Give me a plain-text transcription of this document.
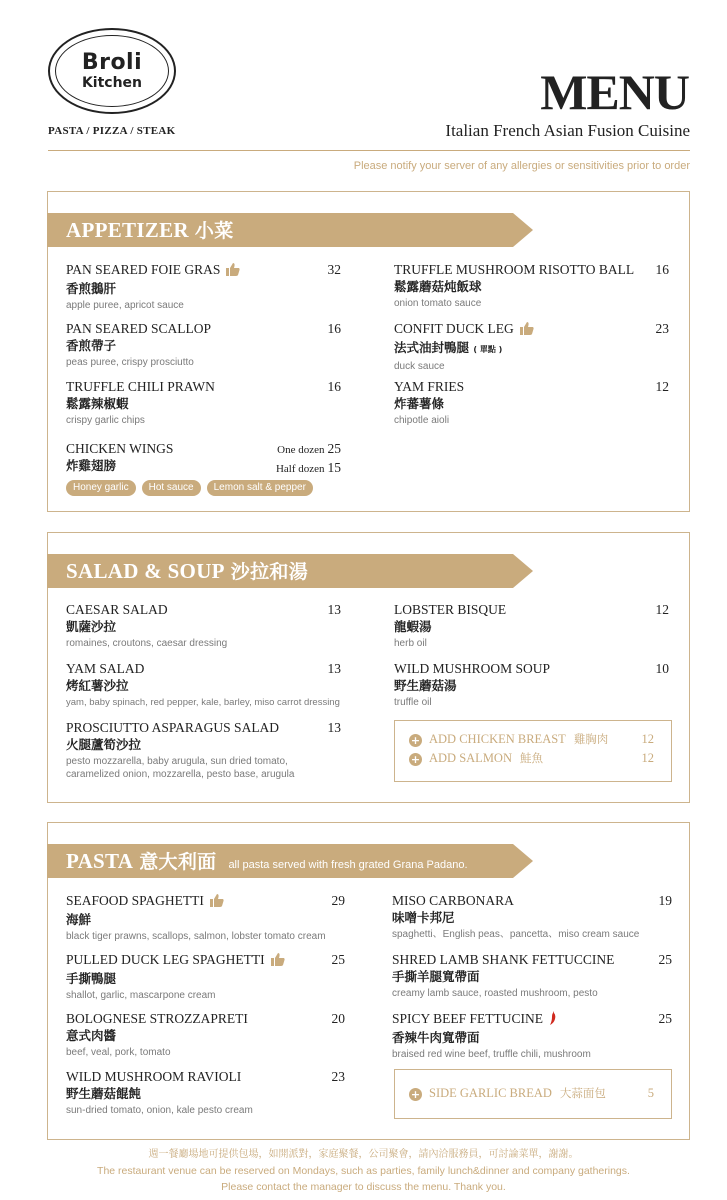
Broli
Kitchen
PASTA / PIZZA / STEAK
MENU
Italian French Asian Fusion Cuisine
Please notify your server of any allergies or sensitivities prior to order
APPETIZER 小菜
PAN SEARED FOIE GRAS
香煎鵝肝
apple puree, apricot sauce
32
PAN SEARED SCALLOP
香煎帶子
peas puree, crispy prosciutto
16
TRUFFLE CHILI PRAWN
鬆露辣椒蝦
crispy garlic chips
16
CHICKEN WINGS
炸雞翅膀
One dozen 25
Half dozen 15
Honey garlic	Hot sauce	Lemon salt & pepper
TRUFFLE MUSHROOM RISOTTO BALL
鬆露蘑菇炖飯球
onion tomato sauce
16
CONFIT DUCK LEG
法式油封鴨腿 ( 單點 )
duck sauce
23
YAM FRIES
炸蕃薯條
chipotle aioli
12
SALAD & SOUP 沙拉和湯
CAESAR SALAD
凱薩沙拉
romaines, croutons, caesar dressing
13
YAM SALAD
烤紅薯沙拉
yam, baby spinach, red pepper, kale, barley, miso carrot dressing
13
PROSCIUTTO ASPARAGUS SALAD
火腿蘆筍沙拉
pesto mozzarella, baby arugula, sun dried tomato, caramelized onion, mozzarella, pesto base, arugula
13
LOBSTER BISQUE
龍蝦湯
herb oil
12
WILD MUSHROOM SOUP
野生蘑菇湯
truffle oil
10
+ ADD CHICKEN BREAST 雞胸肉	12
+ ADD SALMON 鮭魚	12
PASTA 意大利面 all pasta served with fresh grated Grana Padano.
SEAFOOD SPAGHETTI
海鮮
black tiger prawns, scallops, salmon, lobster tomato cream
29
PULLED DUCK LEG SPAGHETTI
手撕鴨腿
shallot, garlic, mascarpone cream
25
BOLOGNESE STROZZAPRETI
意式肉醬
beef, veal, pork, tomato
20
WILD MUSHROOM RAVIOLI
野生蘑菇餛飩
sun-dried tomato, onion, kale pesto cream
23
MISO CARBONARA
味噌卡邦尼
spaghetti、English peas、pancetta、miso cream sauce
19
SHRED LAMB SHANK FETTUCCINE
手撕羊腿寬帶面
creamy lamb sauce, roasted mushroom, pesto
25
SPICY BEEF FETTUCINE
香辣牛肉寬帶面
braised red wine beef, truffle chili, mushroom
25
+ SIDE GARLIC BREAD 大蒜面包	5
週一餐廳場地可提供包場，如開派對，家庭聚餐，公司聚會，請內洽服務員，可討論菜單，謝謝。
The restaurant venue can be reserved on Mondays, such as parties, family lunch&dinner and company gatherings.
Please contact the manager to discuss the menu. Thank you.
